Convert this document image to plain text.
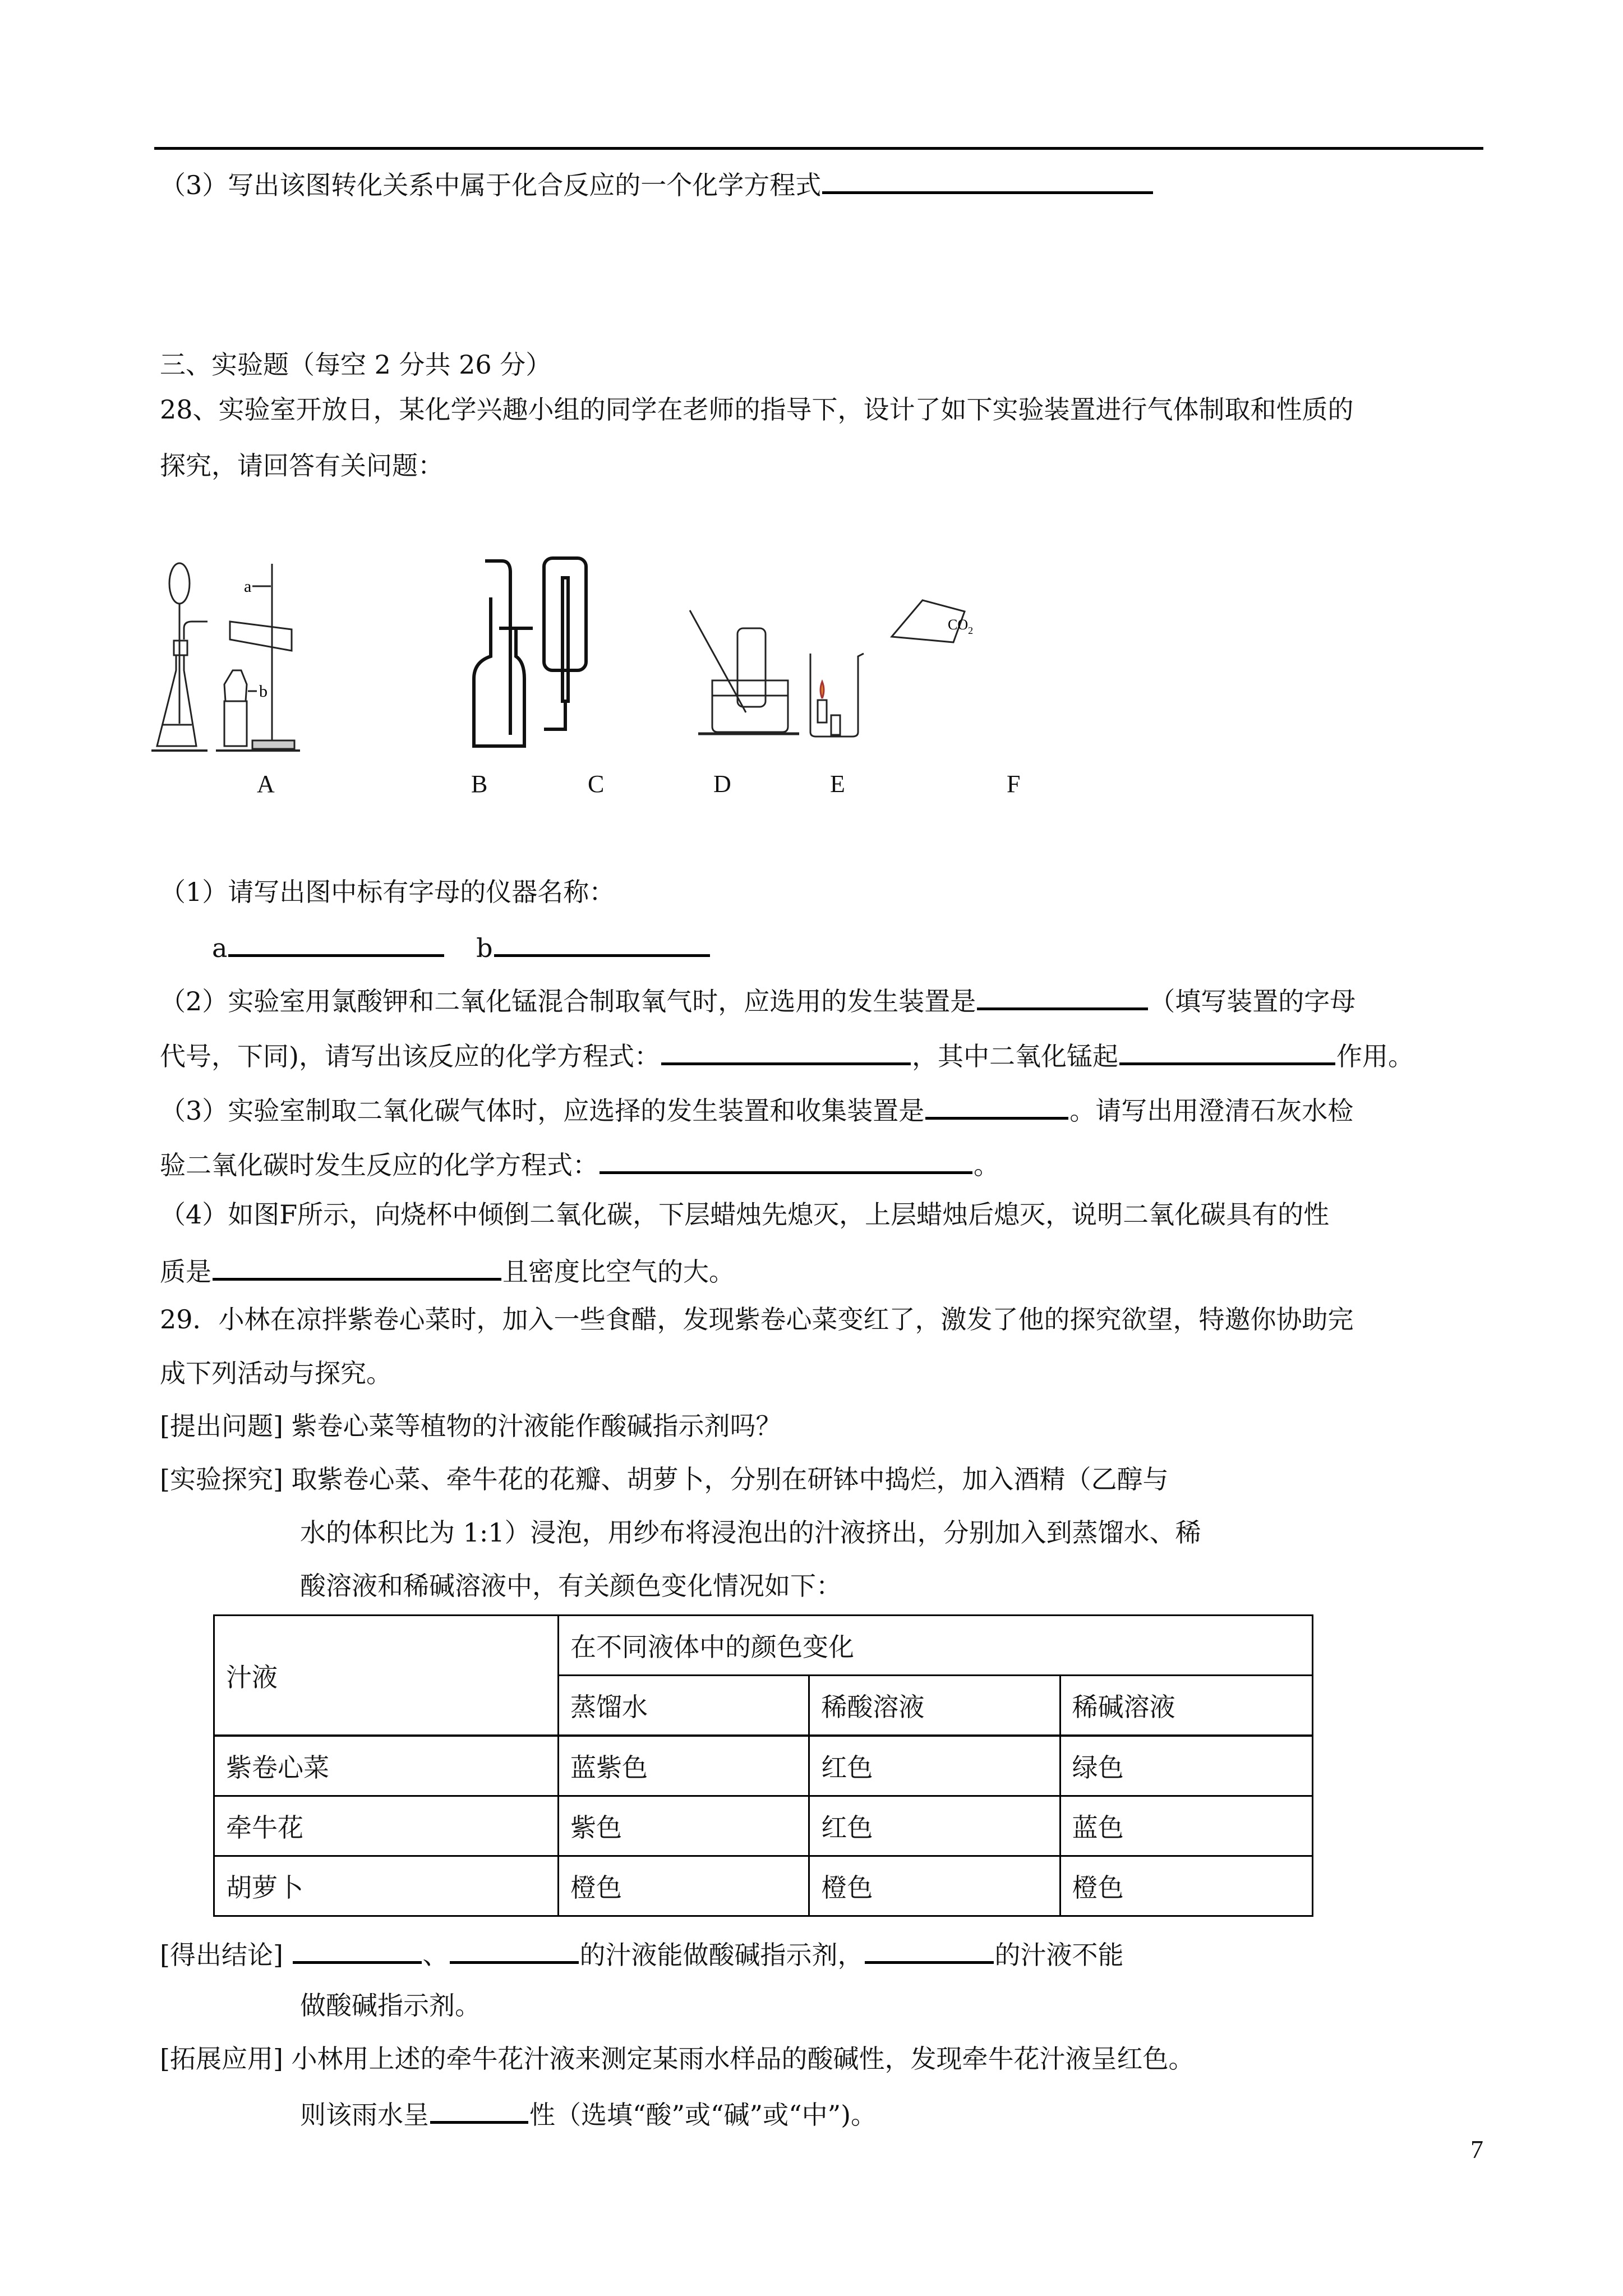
（3）写出该图转化关系中属于化合反应的一个化学方程式
三、实验题（每空 2 分共 26 分）
28、实验室开放日，某化学兴趣小组的同学在老师的指导下，设计了如下实验装置进行气体制取和性质的
探究，请回答有关问题：
a
b
$CO_2$
A	B	C	D	E	F
（1）请写出图中标有字母的仪器名称：
a	b
（2）实验室用氯酸钾和二氧化锰混合制取氧气时，应选用的发生装置是	（填写装置的字母
代号，下同)，请写出该反应的化学方程式：	，其中二氧化锰起	作用。
（3）实验室制取二氧化碳气体时，应选择的发生装置和收集装置是	。请写出用澄清石灰水检
验二氧化碳时发生反应的化学方程式：	。
（4）如图F所示，向烧杯中倾倒二氧化碳，下层蜡烛先熄灭，上层蜡烛后熄灭，说明二氧化碳具有的性
质是	且密度比空气的大。
29．小林在凉拌紫卷心菜时，加入一些食醋，发现紫卷心菜变红了，激发了他的探究欲望，特邀你协助完
成下列活动与探究。
[提出问题] 紫卷心菜等植物的汁液能作酸碱指示剂吗？
[实验探究] 取紫卷心菜、牵牛花的花瓣、胡萝卜，分别在研钵中捣烂，加入酒精（乙醇与
水的体积比为 1:1）浸泡，用纱布将浸泡出的汁液挤出，分别加入到蒸馏水、稀
酸溶液和稀碱溶液中，有关颜色变化情况如下：
汁液	在不同液体中的颜色变化		
	蒸馏水	稀酸溶液	稀碱溶液
紫卷心菜	蓝紫色	红色	绿色
牵牛花	紫色	红色	蓝色
胡萝卜	橙色	橙色	橙色
[得出结论]	、	的汁液能做酸碱指示剂，	的汁液不能
做酸碱指示剂。
[拓展应用] 小林用上述的牵牛花汁液来测定某雨水样品的酸碱性，发现牵牛花汁液呈红色。
则该雨水呈	性（选填“酸”或“碱”或“中”)。
7
